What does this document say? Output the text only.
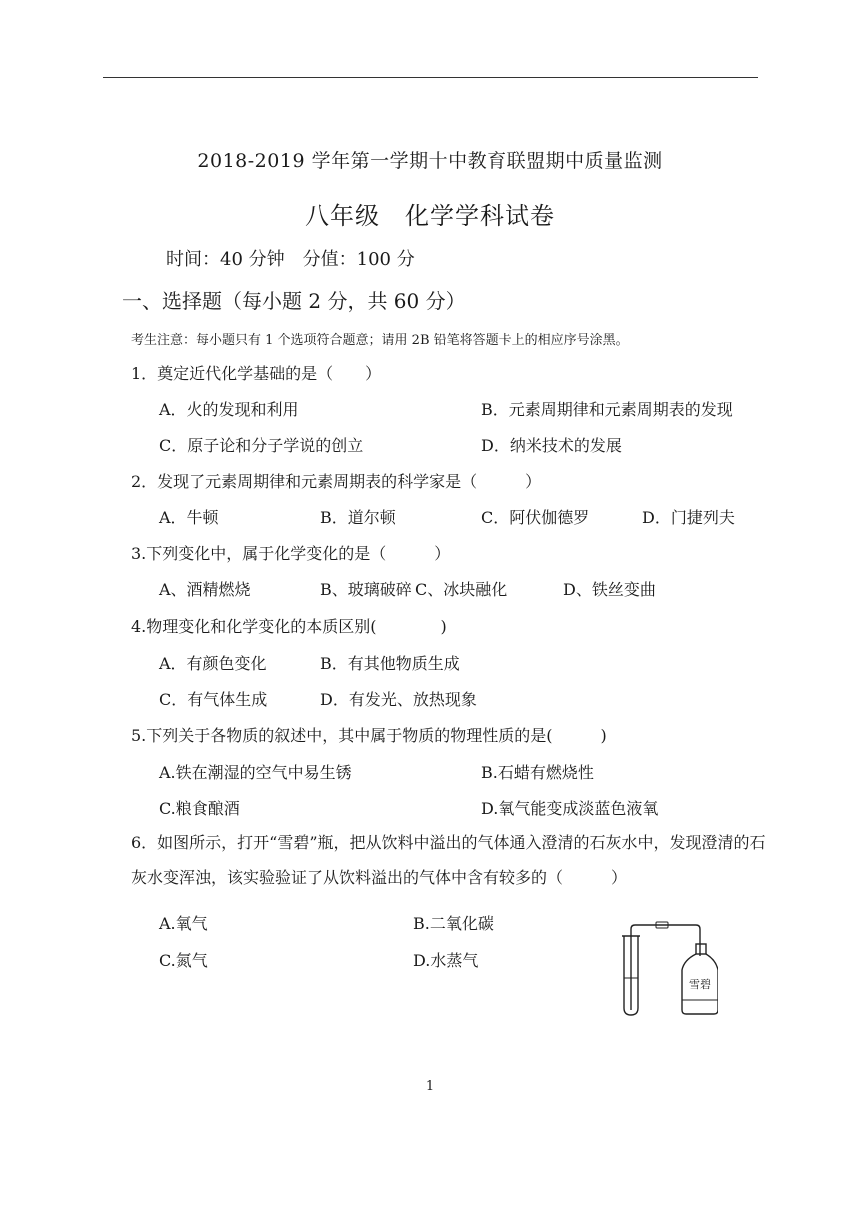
2018-2019 学年第一学期十中教育联盟期中质量监测
八年级　化学学科试卷
时间：40 分钟　分值：100 分
一、选择题（每小题 2 分，共 60 分）
考生注意：每小题只有 1 个选项符合题意；请用 2B 铅笔将答题卡上的相应序号涂黑。
1．奠定近代化学基础的是（　　）
A．火的发现和利用	B．元素周期律和元素周期表的发现
C．原子论和分子学说的创立	D．纳米技术的发展
2．发现了元素周期律和元素周期表的科学家是（　　　）
A．牛顿	B．道尔顿	C．阿伏伽德罗	D．门捷列夫
3.下列变化中，属于化学变化的是（　　　）
A、酒精燃烧	B、玻璃破碎 C、冰块融化	D、铁丝变曲
4.物理变化和化学变化的本质区别(　　　　)
A．有颜色变化	B．有其他物质生成
C．有气体生成	D．有发光、放热现象
5.下列关于各物质的叙述中，其中属于物质的物理性质的是(　　　)
A.铁在潮湿的空气中易生锈	B.石蜡有燃烧性
C.粮食酿酒	D.氧气能变成淡蓝色液氧
6．如图所示，打开“雪碧”瓶，把从饮料中溢出的气体通入澄清的石灰水中，发现澄清的石灰水变浑浊，该实验验证了从饮料溢出的气体中含有较多的（　　　）
A.氧气	B.二氧化碳
C.氮气	D.水蒸气
雪碧
1
